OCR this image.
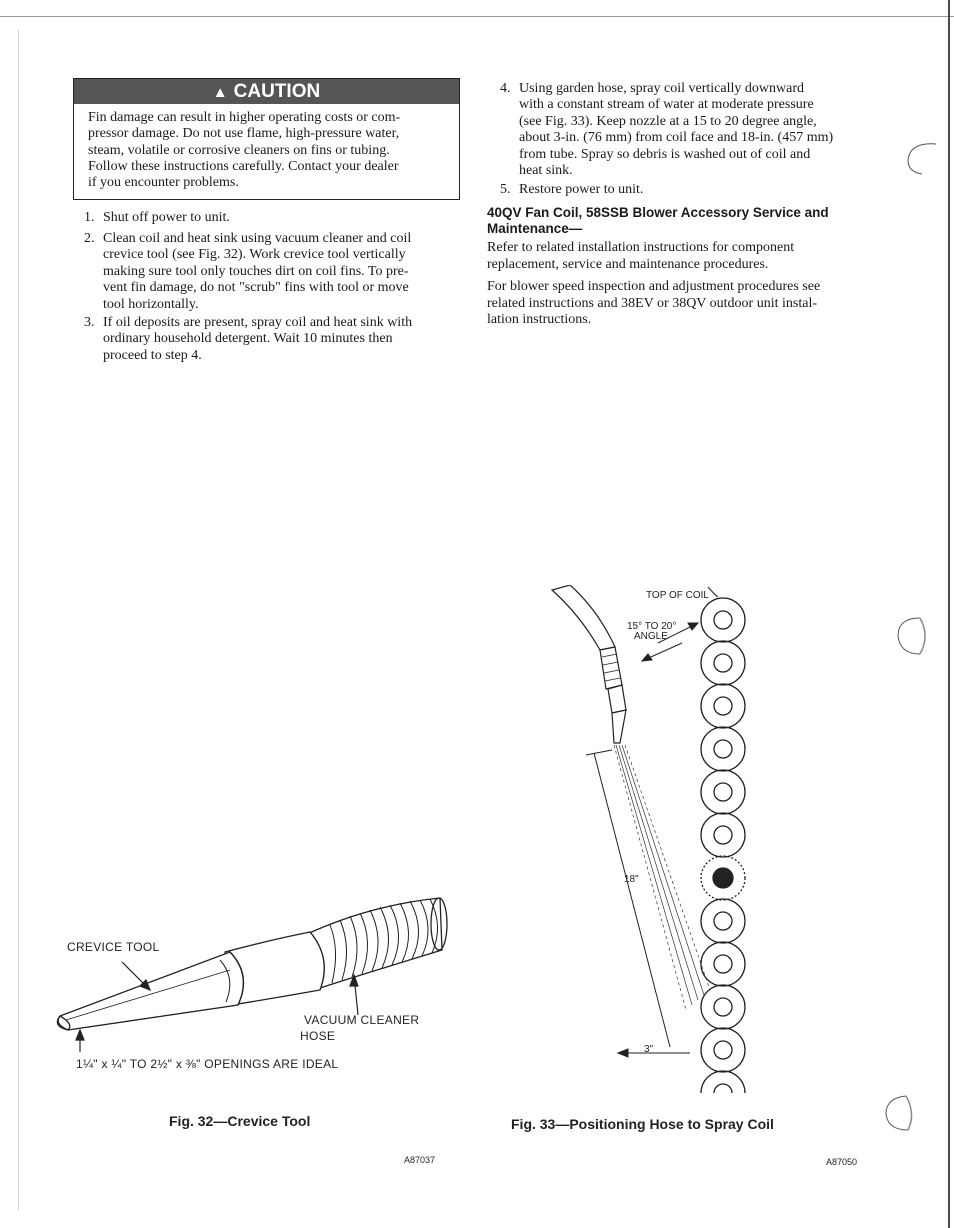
▲ CAUTION
Fin damage can result in higher operating costs or com-
pressor damage. Do not use flame, high-pressure water,
steam, volatile or corrosive cleaners on fins or tubing.
Follow these instructions carefully. Contact your dealer
if you encounter problems.
1. Shut off power to unit.
2. Clean coil and heat sink using vacuum cleaner and coil
crevice tool (see Fig. 32). Work crevice tool vertically
making sure tool only touches dirt on coil fins. To pre-
vent fin damage, do not "scrub" fins with tool or move
tool horizontally.
3. If oil deposits are present, spray coil and heat sink with
ordinary household detergent. Wait 10 minutes then
proceed to step 4.
4. Using garden hose, spray coil vertically downward
with a constant stream of water at moderate pressure
(see Fig. 33). Keep nozzle at a 15 to 20 degree angle,
about 3-in. (76 mm) from coil face and 18-in. (457 mm)
from tube. Spray so debris is washed out of coil and
heat sink.
5. Restore power to unit.
40QV Fan Coil, 58SSB Blower Accessory Service and
Maintenance—
Refer to related installation instructions for component
replacement, service and maintenance procedures.
For blower speed inspection and adjustment procedures see
related instructions and 38EV or 38QV outdoor unit instal-
lation instructions.
CREVICE TOOL
VACUUM CLEANER
HOSE
1¼" x ¼" TO 2½" x ⅜" OPENINGS ARE IDEAL
Fig. 32—Crevice Tool
A87037
TOP OF COIL
15° TO 20°
ANGLE
18"
3"
Fig. 33—Positioning Hose to Spray Coil
A87050
